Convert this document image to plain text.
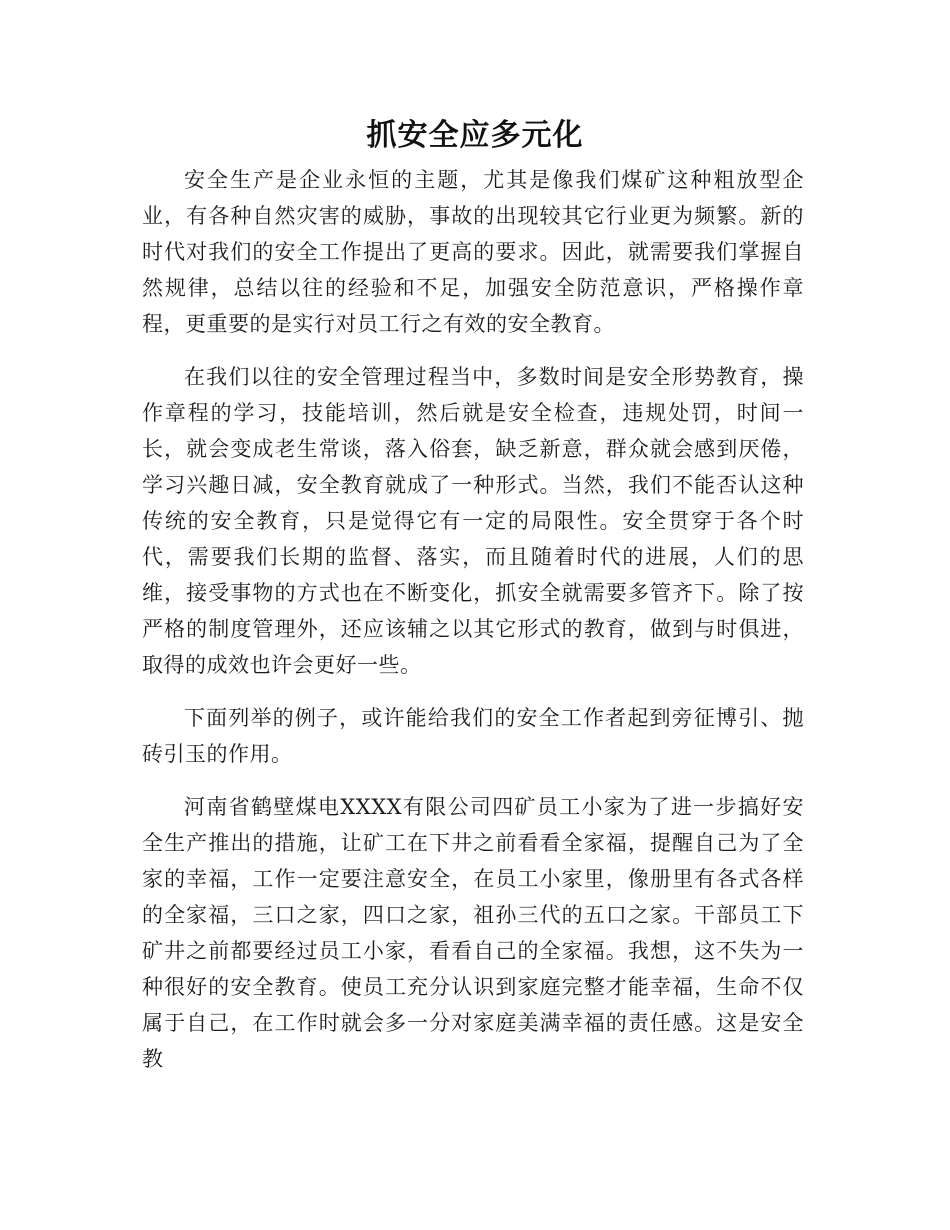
抓安全应多元化

安全生产是企业永恒的主题，尤其是像我们煤矿这种粗放型企业，有各种自然灾害的威胁，事故的出现较其它行业更为频繁。新的时代对我们的安全工作提出了更高的要求。因此，就需要我们掌握自然规律，总结以往的经验和不足，加强安全防范意识，严格操作章程，更重要的是实行对员工行之有效的安全教育。

在我们以往的安全管理过程当中，多数时间是安全形势教育，操作章程的学习，技能培训，然后就是安全检查，违规处罚，时间一长，就会变成老生常谈，落入俗套，缺乏新意，群众就会感到厌倦，学习兴趣日减，安全教育就成了一种形式。当然，我们不能否认这种传统的安全教育，只是觉得它有一定的局限性。安全贯穿于各个时代，需要我们长期的监督、落实，而且随着时代的进展，人们的思维，接受事物的方式也在不断变化，抓安全就需要多管齐下。除了按严格的制度管理外，还应该辅之以其它形式的教育，做到与时俱进，取得的成效也许会更好一些。

下面列举的例子，或许能给我们的安全工作者起到旁征博引、抛砖引玉的作用。

河南省鹤壁煤电XXXX有限公司四矿员工小家为了进一步搞好安全生产推出的措施，让矿工在下井之前看看全家福，提醒自己为了全家的幸福，工作一定要注意安全，在员工小家里，像册里有各式各样的全家福，三口之家，四口之家，祖孙三代的五口之家。干部员工下矿井之前都要经过员工小家，看看自己的全家福。我想，这不失为一种很好的安全教育。使员工充分认识到家庭完整才能幸福，生命不仅属于自己，在工作时就会多一分对家庭美满幸福的责任感。这是安全教
